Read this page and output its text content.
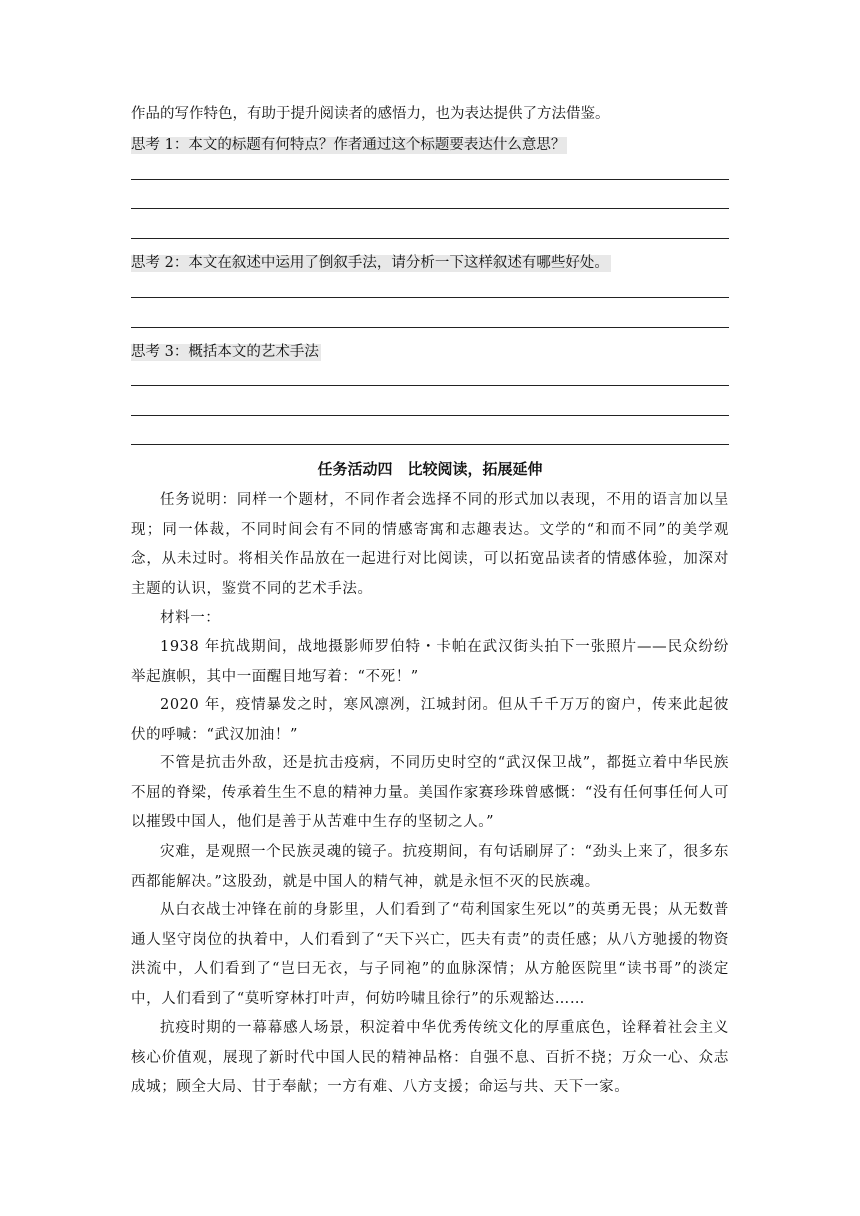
作品的写作特色，有助于提升阅读者的感悟力，也为表达提供了方法借鉴。
思考 1：本文的标题有何特点？作者通过这个标题要表达什么意思？
思考 2：本文在叙述中运用了倒叙手法，请分析一下这样叙述有哪些好处。
思考 3：概括本文的艺术手法
任务活动四　比较阅读，拓展延伸
任务说明：同样一个题材，不同作者会选择不同的形式加以表现，不用的语言加以呈现；同一体裁，不同时间会有不同的情感寄寓和志趣表达。文学的“和而不同”的美学观念，从未过时。将相关作品放在一起进行对比阅读，可以拓宽品读者的情感体验，加深对主题的认识，鉴赏不同的艺术手法。
材料一：
1938 年抗战期间，战地摄影师罗伯特・卡帕在武汉街头拍下一张照片——民众纷纷举起旗帜，其中一面醒目地写着：“不死！”
2020 年，疫情暴发之时，寒风凛冽，江城封闭。但从千千万万的窗户，传来此起彼伏的呼喊：“武汉加油！”
不管是抗击外敌，还是抗击疫病，不同历史时空的“武汉保卫战”，都挺立着中华民族不屈的脊梁，传承着生生不息的精神力量。美国作家赛珍珠曾感慨：“没有任何事任何人可以摧毁中国人，他们是善于从苦难中生存的坚韧之人。”
灾难，是观照一个民族灵魂的镜子。抗疫期间，有句话刷屏了：“劲头上来了，很多东西都能解决。”这股劲，就是中国人的精气神，就是永恒不灭的民族魂。
从白衣战士冲锋在前的身影里，人们看到了“苟利国家生死以”的英勇无畏；从无数普通人坚守岗位的执着中，人们看到了“天下兴亡，匹夫有责”的责任感；从八方驰援的物资洪流中，人们看到了“岂曰无衣，与子同袍”的血脉深情；从方舱医院里“读书哥”的淡定中，人们看到了“莫听穿林打叶声，何妨吟啸且徐行”的乐观豁达……
抗疫时期的一幕幕感人场景，积淀着中华优秀传统文化的厚重底色，诠释着社会主义核心价值观，展现了新时代中国人民的精神品格：自强不息、百折不挠；万众一心、众志成城；顾全大局、甘于奉献；一方有难、八方支援；命运与共、天下一家。
